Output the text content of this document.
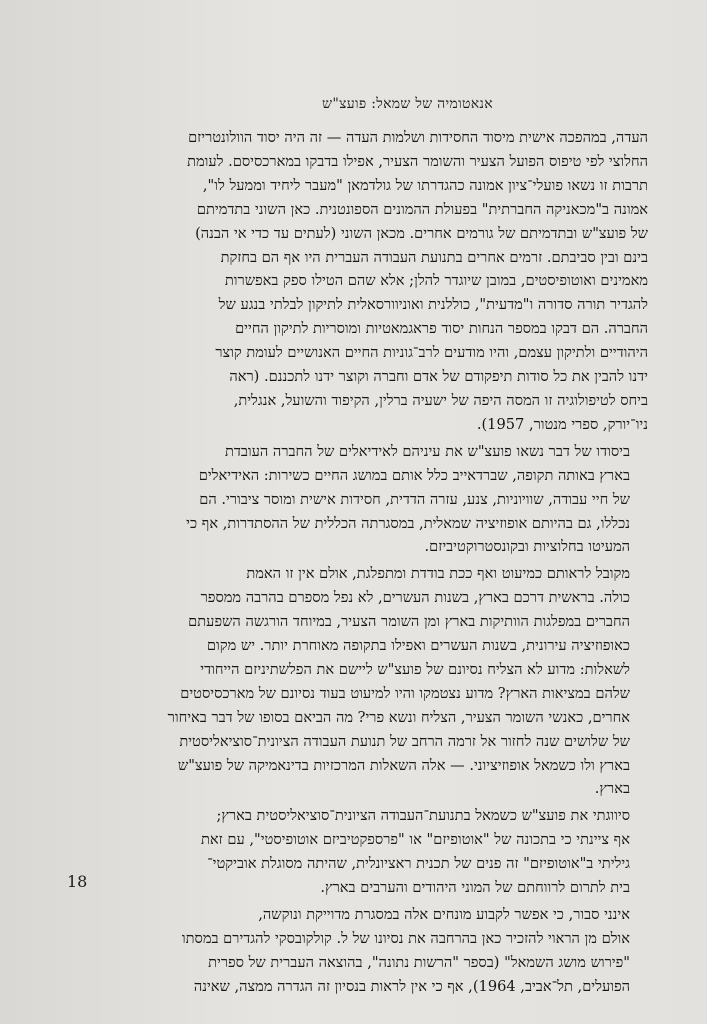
אנאטומיה של שמאל: פועצ"ש
העדה, במהפכה אישית מיסוד החסידות ושלמות העדה — זה היה יסוד הוולונטריזם
החלוצי לפי טיפוס הפועל הצעיר והשומר הצעיר, אפילו בדבקו במארכסיסם. לעומת
תרבות זו נשאו פועלי־ציון אמונה כהגדרתו של גולדמאן "מעבר ליחיד וממעל לו",
אמונה ב"מכאניקה החברתית" בפעולת ההמונים הספונטנית. כאן השוני בתדמיתם
של פועצ"ש ובתדמיתם של גורמים אחרים. מכאן השוני (לעתים עד כדי אי הבנה)
בינם ובין סביבתם. זרמים אחרים בתנועת העבודה העברית היו אף הם בחזקת
מאמינים ואוטופיסטים, במובן שיוגדר להלן; אלא שהם הטילו ספק באפשרות
להגדיר תורה סדורה ו"מדעית", כוללנית ואוניוורסאלית לתיקון לבלתי בנגע של
החברה. הם דבקו במספר הנחות יסוד פראגמאטיות ומוסריות לתיקון החיים
היהודיים ולתיקון עצמם, והיו מודעים לרב־גוניות החיים האנושיים לעומת קוצר
ידנו להבין את כל סודות תיפקודם של אדם וחברה וקוצר ידנו לתכננם. (ראה
ביחס לטיפולוגיה זו המסה היפה של ישעיה ברלין, הקיפוד והשועל, אנגלית,
ניו־יורק, ספרי מנטור, 1957).
ביסודו של דבר נשאו פועצ"ש את עיניהם לאידיאלים של החברה העובדת
בארץ באותה תקופה, שברדאייב כלל אותם במושג החיים כשירות: האידיאלים
של חיי עבודה, שוויוניות, צנע, עזרה הדדית, חסידות אישית ומוסר ציבורי. הם
נכללו, גם בהיותם אופוזיציה שמאלית, במסגרתה הכללית של ההסתדרות, אף כי
המעיטו בחלוציות ובקונסטרוקטיביזם.
מקובל לראותם כמיעוט ואף ככת בודדת ומתפלגת, אולם אין זו האמת
כולה. בראשית דרכם בארץ, בשנות העשרים, לא נפל מספרם בהרבה ממספר
החברים במפלגות הוותיקות בארץ ומן השומר הצעיר, במיוחד הורגשה השפעתם
כאופוזיציה עירונית, בשנות העשרים ואפילו בתקופה מאוחרת יותר. יש מקום
לשאלות: מדוע לא הצליח נסיונם של פועצ"ש ליישם את הפלשתיניזם הייחודי
שלהם במציאות הארץ? מדוע נצטמקו והיו למיעוט בעוד נסיונם של מארכסיסטים
אחרים, כאנשי השומר הצעיר, הצליח ונשא פרי? מה הביאם בסופו של דבר באיחור
של שלושים שנה לחזור אל זרמה הרחב של תנועת העבודה הציונית־סוציאליסטית
בארץ ולו כשמאל אופוזיציוני. — אלה השאלות המרכזיות בדינאמיקה של פועצ"ש
בארץ.
סיווגתי את פועצ"ש כשמאל בתנועת־העבודה הציונית־סוציאליסטית בארץ;
אף ציינתי כי בתכונה של "אוטופיזם" או "פרספקטיביזם אוטופיסטי", עם זאת
גיליתי ב"אוטופיזם" זה פנים של תכנית ראציונלית, שהיתה מסוגלת אוביקטי־
בית לתרום לרווחתם של המוני היהודים והערבים בארץ.
אינני סבור, כי אפשר לקבוע מונחים אלה במסגרת מדוייקת ונוקשה,
אולם מן הראוי להזכיר כאן בהרחבה את נסיונו של ל. קולקובסקי להגדירם במסתו
"פירוש מושג השמאל" (בספר "הרשות נתונה", בהוצאה העברית של ספרית
הפועלים, תל־אביב, 1964), אף כי אין לראות בנסיון זה הגדרה ממצה, שאינה
18
